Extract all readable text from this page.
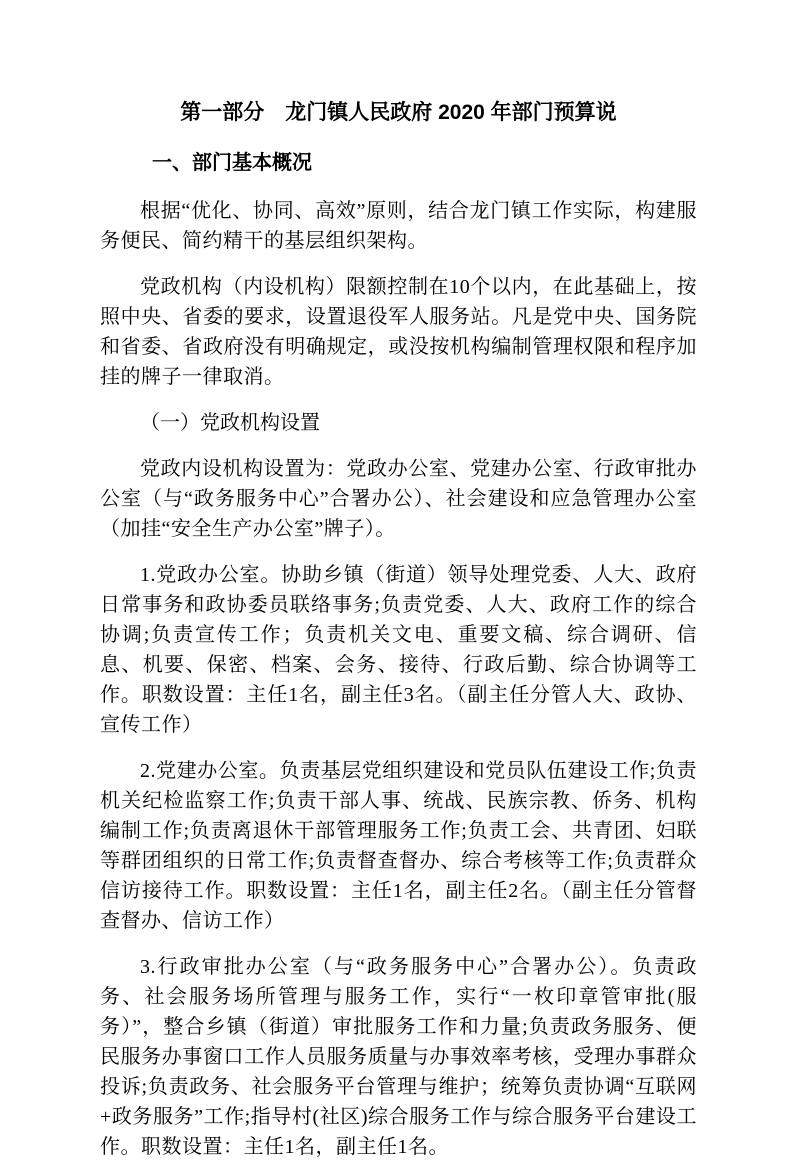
第一部分　龙门镇人民政府 2020 年部门预算说
一、部门基本概况

根据“优化、协同、高效”原则，结合龙门镇工作实际，构建服务便民、简约精干的基层组织架构。

党政机构（内设机构）限额控制在10个以内，在此基础上，按照中央、省委的要求，设置退役军人服务站。凡是党中央、国务院和省委、省政府没有明确规定，或没按机构编制管理权限和程序加挂的牌子一律取消。

（一）党政机构设置

党政内设机构设置为：党政办公室、党建办公室、行政审批办公室（与“政务服务中心”合署办公）、社会建设和应急管理办公室（加挂“安全生产办公室”牌子）。

1.党政办公室。协助乡镇（街道）领导处理党委、人大、政府日常事务和政协委员联络事务;负责党委、人大、政府工作的综合协调;负责宣传工作；负责机关文电、重要文稿、综合调研、信息、机要、保密、档案、会务、接待、行政后勤、综合协调等工作。职数设置：主任1名，副主任3名。（副主任分管人大、政协、宣传工作）

2.党建办公室。负责基层党组织建设和党员队伍建设工作;负责机关纪检监察工作;负责干部人事、统战、民族宗教、侨务、机构编制工作;负责离退休干部管理服务工作;负责工会、共青团、妇联等群团组织的日常工作;负责督查督办、综合考核等工作;负责群众信访接待工作。职数设置：主任1名，副主任2名。（副主任分管督查督办、信访工作）

3.行政审批办公室（与“政务服务中心”合署办公）。负责政务、社会服务场所管理与服务工作，实行“一枚印章管审批(服务）”，整合乡镇（街道）审批服务工作和力量;负责政务服务、便民服务办事窗口工作人员服务质量与办事效率考核，受理办事群众投诉;负责政务、社会服务平台管理与维护；统筹负责协调“互联网+政务服务”工作;指导村(社区)综合服务工作与综合服务平台建设工作。职数设置：主任1名，副主任1名。
